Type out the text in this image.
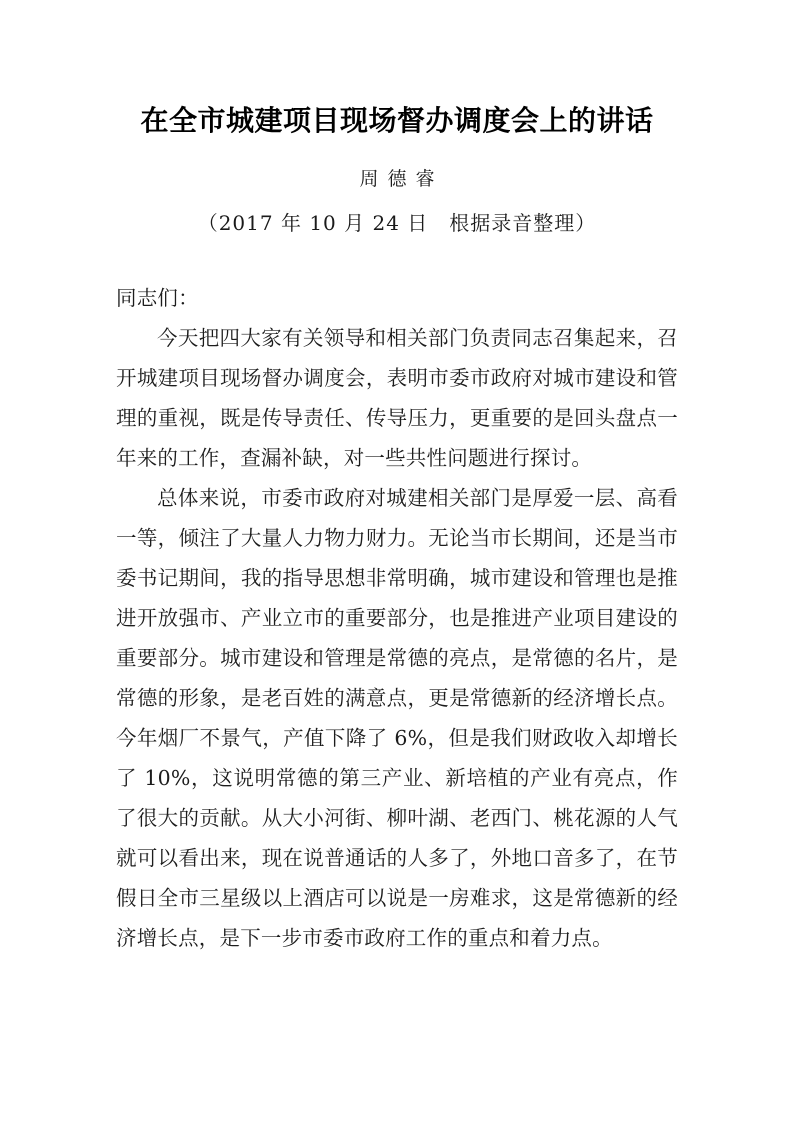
在全市城建项目现场督办调度会上的讲话
周德睿
（2017 年 10 月 24 日　根据录音整理）

同志们：

今天把四大家有关领导和相关部门负责同志召集起来，召开城建项目现场督办调度会，表明市委市政府对城市建设和管理的重视，既是传导责任、传导压力，更重要的是回头盘点一年来的工作，查漏补缺，对一些共性问题进行探讨。

总体来说，市委市政府对城建相关部门是厚爱一层、高看一等，倾注了大量人力物力财力。无论当市长期间，还是当市委书记期间，我的指导思想非常明确，城市建设和管理也是推进开放强市、产业立市的重要部分，也是推进产业项目建设的重要部分。城市建设和管理是常德的亮点，是常德的名片，是常德的形象，是老百姓的满意点，更是常德新的经济增长点。今年烟厂不景气，产值下降了 6%，但是我们财政收入却增长了 10%，这说明常德的第三产业、新培植的产业有亮点，作了很大的贡献。从大小河街、柳叶湖、老西门、桃花源的人气就可以看出来，现在说普通话的人多了，外地口音多了，在节假日全市三星级以上酒店可以说是一房难求，这是常德新的经济增长点，是下一步市委市政府工作的重点和着力点。
